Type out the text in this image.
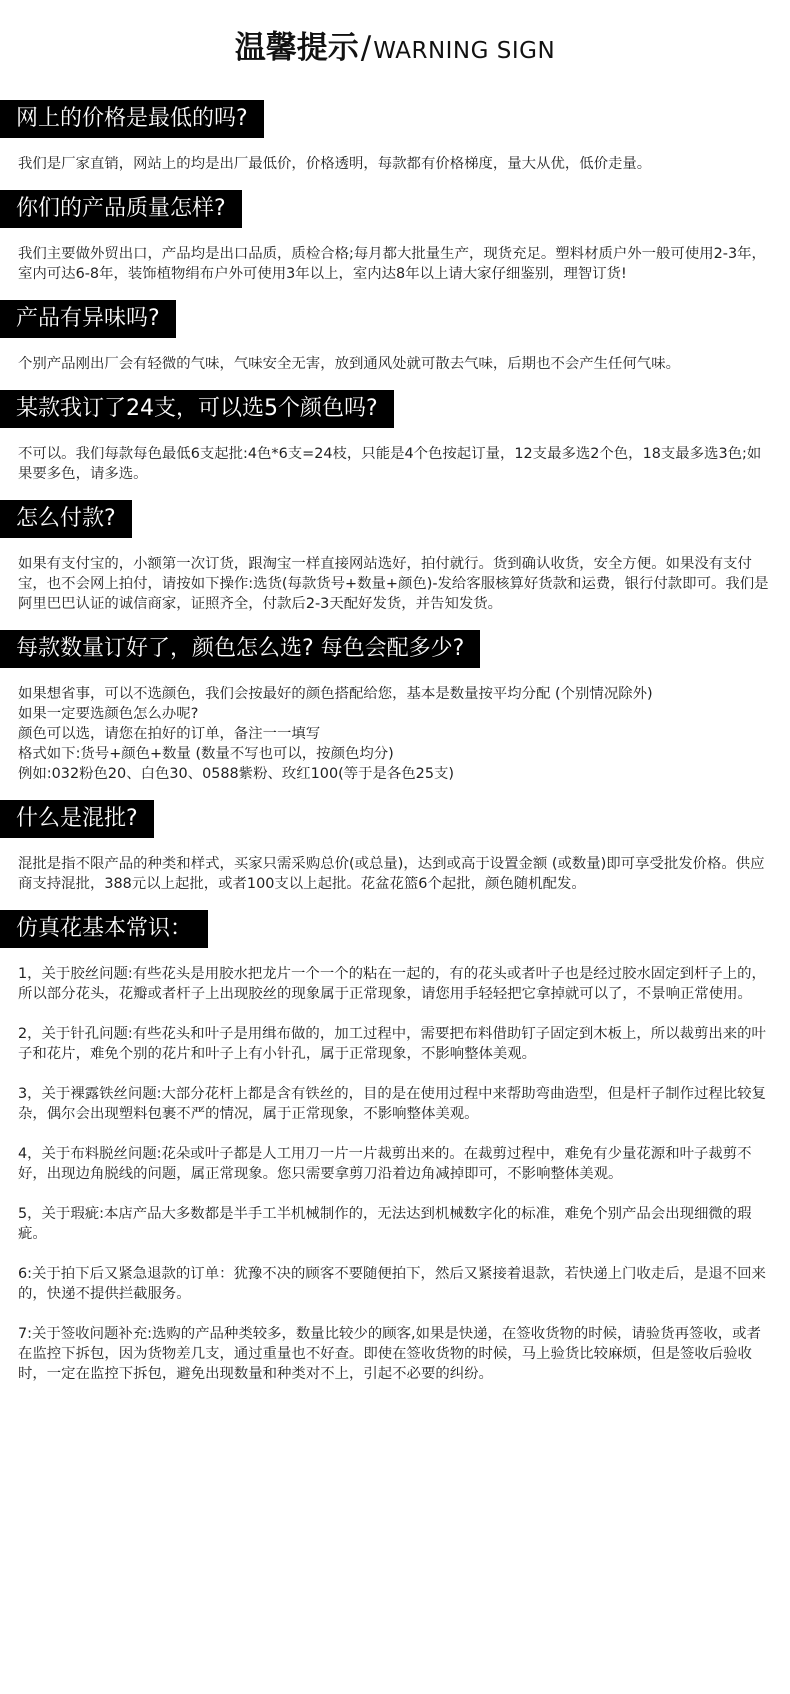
温馨提示/WARNING SIGN
网上的价格是最低的吗?

我们是厂家直销，网站上的均是出厂最低价，价格透明，每款都有价格梯度，量大从优，低价走量。

你们的产品质量怎样?

我们主要做外贸出口，产品均是出口品质，质检合格;每月都大批量生产，现货充足。塑料材质户外一般可使用2-3年，室内可达6-8年，装饰植物绢布户外可使用3年以上，室内达8年以上请大家仔细鉴别，理智订货!

产品有异味吗?

个别产品刚出厂会有轻微的气味，气味安全无害，放到通风处就可散去气味，后期也不会产生任何气味。

某款我订了24支，可以选5个颜色吗?

不可以。我们每款每色最低6支起批:4色*6支=24枝，只能是4个色按起订量，12支最多选2个色，18支最多选3色;如果要多色，请多选。

怎么付款?

如果有支付宝的，小额第一次订货，跟淘宝一样直接网站选好，拍付就行。货到确认收货，安全方便。如果没有支付宝，也不会网上拍付，请按如下操作:选货(每款货号+数量+颜色)-发给客服核算好货款和运费，银行付款即可。我们是阿里巴巴认证的诚信商家，证照齐全，付款后2-3天配好发货，并告知发货。

每款数量订好了，颜色怎么选? 每色会配多少?

如果想省事，可以不选颜色，我们会按最好的颜色搭配给您，基本是数量按平均分配 (个别情况除外)

如果一定要选颜色怎么办呢?

颜色可以选，请您在拍好的订单，备注一一填写

格式如下:货号+颜色+数量 (数量不写也可以，按颜色均分)

例如:032粉色20、白色30、0588紫粉、玫红100(等于是各色25支)

什么是混批?

混批是指不限产品的种类和样式，买家只需采购总价(或总量)，达到或高于设置金额 (或数量)即可享受批发价格。供应商支持混批，388元以上起批，或者100支以上起批。花盆花篮6个起批，颜色随机配发。

仿真花基本常识：

1，关于胶丝问题:有些花头是用胶水把龙片一个一个的粘在一起的，有的花头或者叶子也是经过胶水固定到杆子上的，所以部分花头，花瓣或者杆子上出现胶丝的现象属于正常现象，请您用手轻轻把它拿掉就可以了，不景响正常使用。

2，关于针孔问题:有些花头和叶子是用缉布做的，加工过程中，需要把布料借助钉子固定到木板上，所以裁剪出来的叶子和花片，难免个别的花片和叶子上有小针孔，属于正常现象，不影响整体美观。

3，关于裸露铁丝问题:大部分花杆上都是含有铁丝的，目的是在使用过程中来帮助弯曲造型，但是杆子制作过程比较复杂，偶尔会出现塑料包裹不严的情况，属于正常现象，不影响整体美观。

4，关于布料脱丝问题:花朵或叶子都是人工用刀一片一片裁剪出来的。在裁剪过程中，难免有少量花源和叶子裁剪不好，出现边角脱线的问题，属正常现象。您只需要拿剪刀沿着边角减掉即可，不影响整体美观。

5，关于瑕疵:本店产品大多数都是半手工半机械制作的，无法达到机械数字化的标准，难免个别产品会出现细微的瑕疵。

6:关于拍下后又紧急退款的订单：犹豫不决的顾客不要随便拍下，然后又紧接着退款，若快递上门收走后，是退不回来的，快递不提供拦截服务。

7:关于签收问题补充:选购的产品种类较多，数量比较少的顾客,如果是快递，在签收货物的时候，请验货再签收，或者在监控下拆包，因为货物差几支，通过重量也不好查。即使在签收货物的时候，马上验货比较麻烦，但是签收后验收时，一定在监控下拆包，避免出现数量和种类对不上，引起不必要的纠纷。
